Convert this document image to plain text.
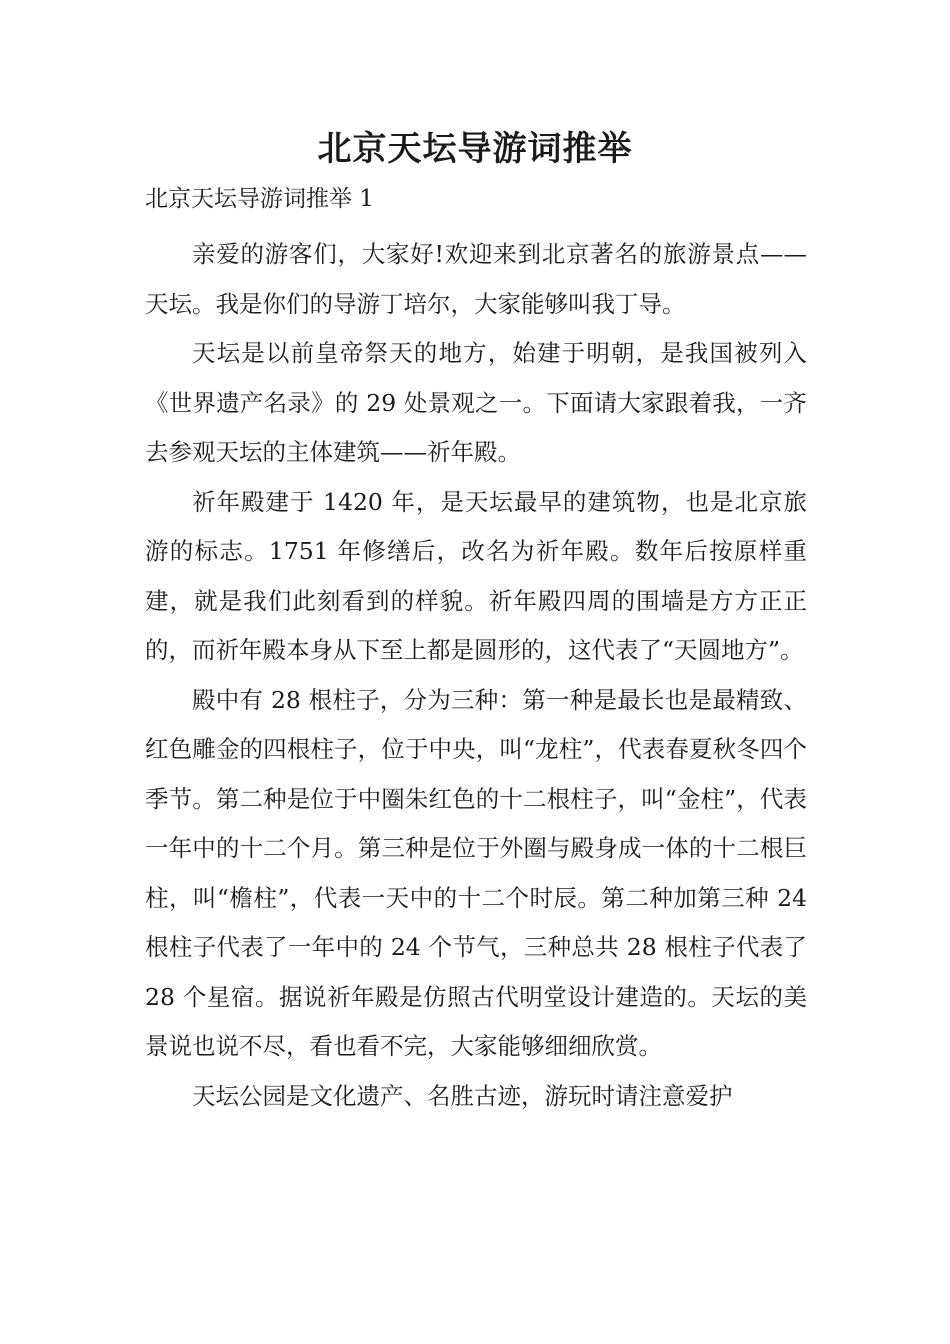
北京天坛导游词推举

北京天坛导游词推举 1

亲爱的游客们，大家好!欢迎来到北京著名的旅游景点——天坛。我是你们的导游丁培尔，大家能够叫我丁导。

天坛是以前皇帝祭天的地方，始建于明朝，是我国被列入《世界遗产名录》的 29 处景观之一。下面请大家跟着我，一齐去参观天坛的主体建筑——祈年殿。

祈年殿建于 1420 年，是天坛最早的建筑物，也是北京旅游的标志。1751 年修缮后，改名为祈年殿。数年后按原样重建，就是我们此刻看到的样貌。祈年殿四周的围墙是方方正正的，而祈年殿本身从下至上都是圆形的，这代表了“天圆地方”。

殿中有 28 根柱子，分为三种：第一种是最长也是最精致、红色雕金的四根柱子，位于中央，叫“龙柱”，代表春夏秋冬四个季节。第二种是位于中圈朱红色的十二根柱子，叫“金柱”，代表一年中的十二个月。第三种是位于外圈与殿身成一体的十二根巨柱，叫“檐柱”，代表一天中的十二个时辰。第二种加第三种 24 根柱子代表了一年中的 24 个节气，三种总共 28 根柱子代表了 28 个星宿。据说祈年殿是仿照古代明堂设计建造的。天坛的美景说也说不尽，看也看不完，大家能够细细欣赏。

天坛公园是文化遗产、名胜古迹，游玩时请注意爱护
